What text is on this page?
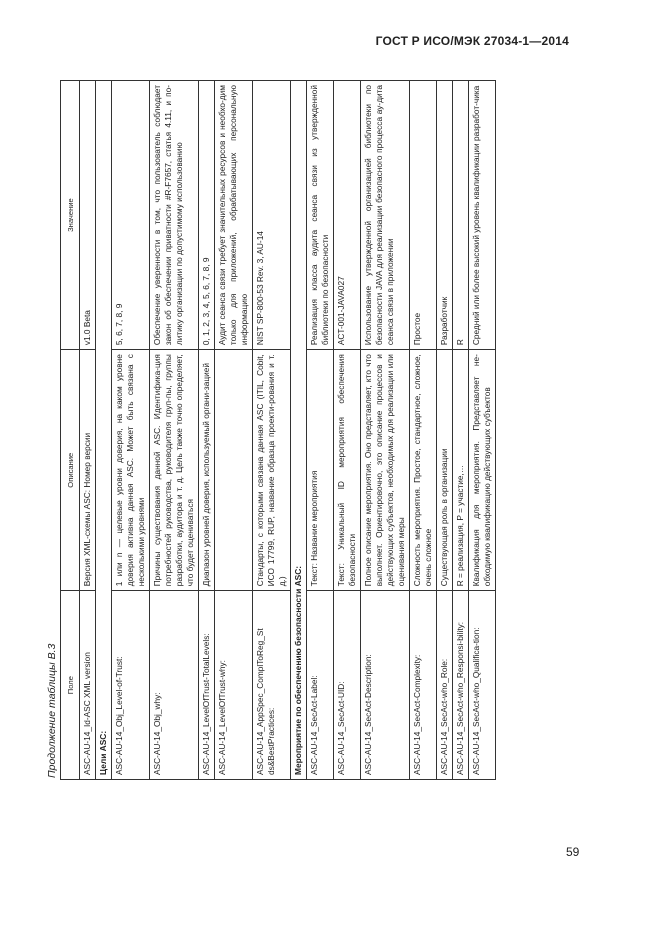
ГОСТ Р ИСО/МЭК 27034-1—2014
Продолжение таблицы В.3 Поле	Описание	Значение
ASC-AU-14_Id-ASC XML version	Версия XML-схемы ASC: Номер версии	v1.0 Beta
Цели ASC:		
ASC-AU-14_Obj_Level-of-Trust:	1 или n — целевые уровни доверия, на каком уровне доверия активна данная ASC. Может быть связана с несколькими уровнями	5, 6, 7, 8, 9
ASC-AU-14_Obj_why:	Причины существования данной ASC. Идентифика-ция потребностей руководства, руководителя груп-пы, группы разработки, аудитора и т. д. Цель также точно определяет, что будет оцениваться	Обеспечение уверенности в том, что пользователь соблюдает закон об обеспечении приватности #R-F7657, статья 4.11, и по-литику организации по допустимому использованию
ASC-AU-14_LevelOfTrust-TotalLevels:	Диапазон уровней доверия, используемый органи-зацией	0, 1, 2, 3, 4, 5, 6, 7, 8, 9
ASC-AU-14_LevelOfTrust-why:		Аудит сеанса связи требует значительных ресурсов и необхо-дим только для приложений, обрабатывающих персональную информацию
ASC-AU-14_AppSpec_ComplToReg_St ds&BestPractices:	Стандарты, с которыми связана данная ASC (ITIL, Cobit, ИСО 17799, RUP, название образца проекти-рования и т. д.)	NIST SP-800-53 Rev. 3, AU-14
Мероприятие по обеспечению безопасности ASC:		
ASC-AU-14_SecAct-Label:	Текст: Название мероприятия	Реализация класса аудита сеанса связи из утвержденной библиотеки по безопасности
ASC-AU-14_SecAct-UID:	Текст: Уникальный ID мероприятия обеспечения безопасности	ACT-001-JAVA027
ASC-AU-14_SecAct-Description:	Полное описание мероприятия. Оно представляет, кто что выполняет. Ориентировочно, это описание процессов и действующих субъектов, необходимых для реализации или оценивания меры	Использование утвержденной организацией библиотеки по безопасности JAVA для реализации безопасного процесса ау-дита сеанса связи в приложении
ASC-AU-14_SecAct-Complexity:	Сложность мероприятия. Простое, стандартное, сложное, очень сложное	Простое
ASC-AU-14_SecAct-who_Role:	Существующая роль в организации	Разработчик
ASC-AU-14_SecAct-who_Responsi-bility:	R = реализация, P = участие,…	R
ASC-AU-14_SecAct-who_Qualifica-tion:	Квалификация для мероприятия. Представляет не-обходимую квалификацию действующих субъектов	Средний или более высокий уровень квалификации разработ-чика
59
